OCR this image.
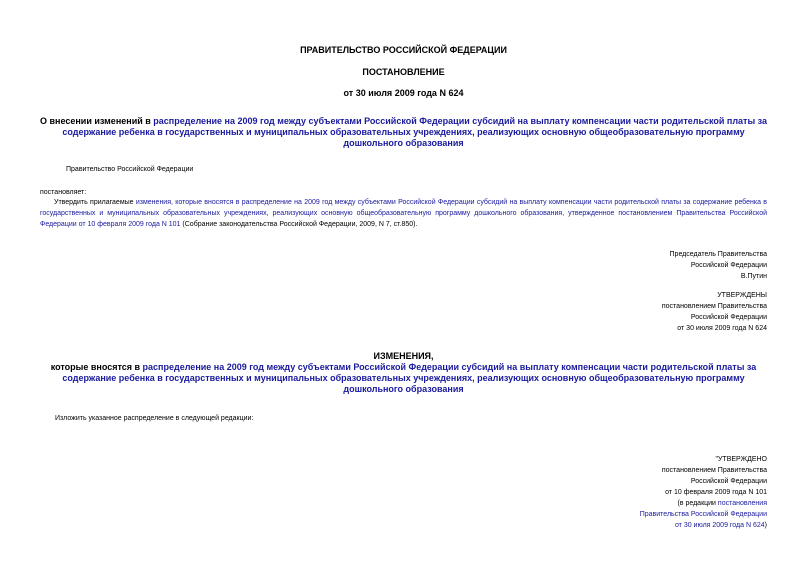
ПРАВИТЕЛЬСТВО РОССИЙСКОЙ ФЕДЕРАЦИИ
ПОСТАНОВЛЕНИЕ
от 30 июля 2009 года N 624
О внесении изменений в распределение на 2009 год между субъектами Российской Федерации субсидий на выплату компенсации части родительской платы за содержание ребенка в государственных и муниципальных образовательных учреждениях, реализующих основную общеобразовательную программу дошкольного образования
Правительство Российской Федерации
постановляет:
Утвердить прилагаемые изменения, которые вносятся в распределение на 2009 год между субъектами Российской Федерации субсидий на выплату компенсации части родительской платы за содержание ребенка в государственных и муниципальных образовательных учреждениях, реализующих основную общеобразовательную программу дошкольного образования, утвержденное постановлением Правительства Российской Федерации от 10 февраля 2009 года N 101 (Собрание законодательства Российской Федерации, 2009, N 7, ст.850).
Председатель Правительства
Российской Федерации
В.Путин
УТВЕРЖДЕНЫ
постановлением Правительства
Российской Федерации
от 30 июля 2009 года N 624
ИЗМЕНЕНИЯ,
которые вносятся в распределение на 2009 год между субъектами Российской Федерации субсидий на выплату компенсации части родительской платы за содержание ребенка в государственных и муниципальных образовательных учреждениях, реализующих основную общеобразовательную программу дошкольного образования
Изложить указанное распределение в следующей редакции:
"УТВЕРЖДЕНО
постановлением Правительства
Российской Федерации
от 10 февраля 2009 года N 101
(в редакции постановления
Правительства Российской Федерации
от 30 июля 2009 года N 624)
